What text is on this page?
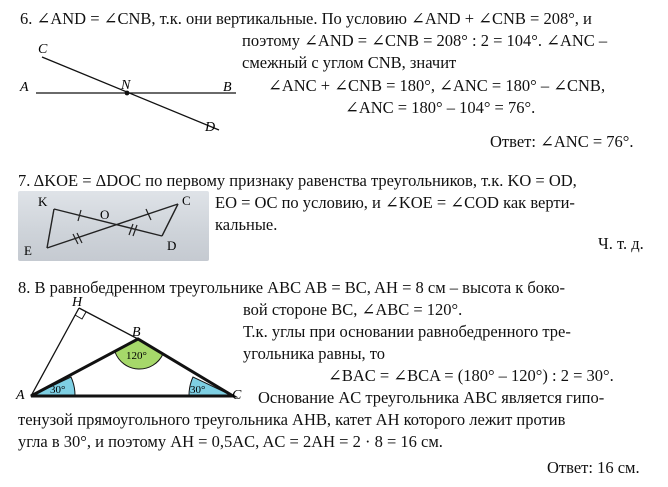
C
A	N	B
D
6. ∠AND = ∠CNB, т.к. они вертикальные. По условию ∠AND + ∠CNB = 208°, и
поэтому ∠AND = ∠CNB = 208° : 2 = 104°. ∠ANC –
смежный с углом CNB, значит
∠ANC + ∠CNB = 180°, ∠ANC = 180° – ∠CNB,
∠ANC = 180° – 104° = 76°.
Ответ: ∠ANC = 76°.
7. ΔKOE = ΔDOC по первому признаку равенства треугольников, т.к. KO = OD,
K
O
C
E	D
EO = OC по условию, и ∠KOE = ∠COD как верти-
кальные.
Ч. т. д.
8. В равнобедренном треугольнике ABC AB = BC, AH = 8 см – высота к боко-
вой стороне BC, ∠ABC = 120°.
Т.к. углы при основании равнобедренного тре-
угольника равны, то
∠BAC = ∠BCA = (180° – 120°) : 2 = 30°.
Основание AC треугольника ABC является гипо-
тенузой прямоугольного треугольника AHB, катет AH которого лежит против
угла в 30°, и поэтому AH = 0,5AC, AC = 2AH = 2 · 8 = 16 см.
Ответ: 16 см.
H
B
A	C
120°
30°	30°
